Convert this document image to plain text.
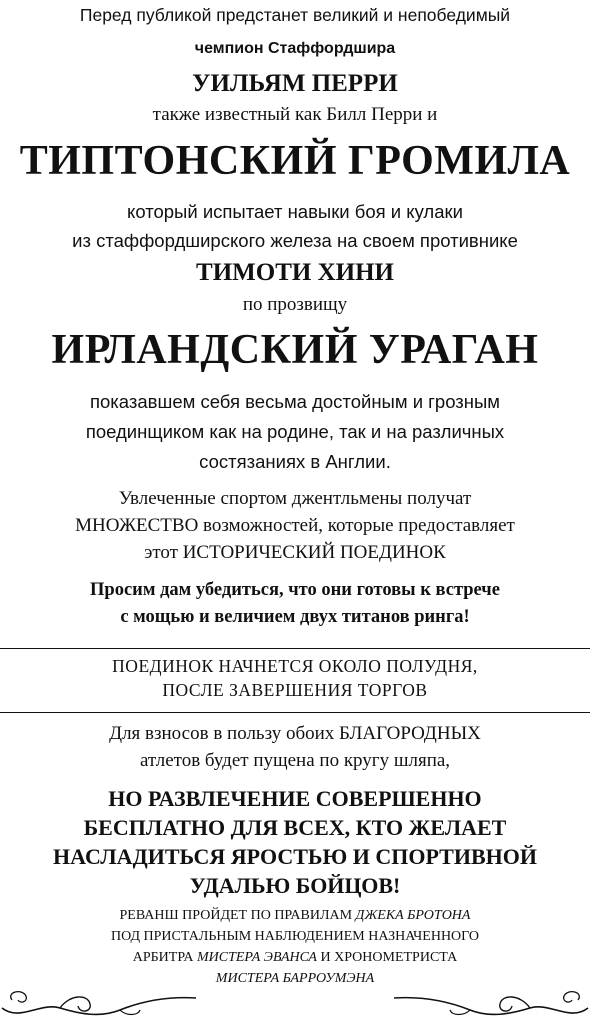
Перед публикой предстанет великий и непобедимый

чемпион Стаффордшира

УИЛЬЯМ ПЕРРИ

также известный как Билл Перри и

ТИПТОНСКИЙ ГРОМИЛА

который испытает навыки боя и кулаки

из стаффордширского железа на своем противнике

ТИМОТИ ХИНИ

по прозвищу

ИРЛАНДСКИЙ УРАГАН

показавшем себя весьма достойным и грозным

поединщиком как на родине, так и на различных

состязаниях в Англии.

Увлеченные спортом джентльмены получат

МНОЖЕСТВО возможностей, которые предоставляет

этот ИСТОРИЧЕСКИЙ ПОЕДИНОК

Просим дам убедиться, что они готовы к встрече

с мощью и величием двух титанов ринга!

ПОЕДИНОК НАЧНЕТСЯ ОКОЛО ПОЛУДНЯ,

ПОСЛЕ ЗАВЕРШЕНИЯ ТОРГОВ

Для взносов в пользу обоих БЛАГОРОДНЫХ

атлетов будет пущена по кругу шляпа,

НО РАЗВЛЕЧЕНИЕ СОВЕРШЕННО

БЕСПЛАТНО ДЛЯ ВСЕХ, КТО ЖЕЛАЕТ

НАСЛАДИТЬСЯ ЯРОСТЬЮ И СПОРТИВНОЙ

УДАЛЬЮ БОЙЦОВ!

РЕВАНШ ПРОЙДЕТ ПО ПРАВИЛАМ ДЖЕКА БРОТОНА

ПОД ПРИСТАЛЬНЫМ НАБЛЮДЕНИЕМ НАЗНАЧЕННОГО

АРБИТРА МИСТЕРА ЭВАНСА И ХРОНОМЕТРИСТА

МИСТЕРА БАРРОУМЭНА
